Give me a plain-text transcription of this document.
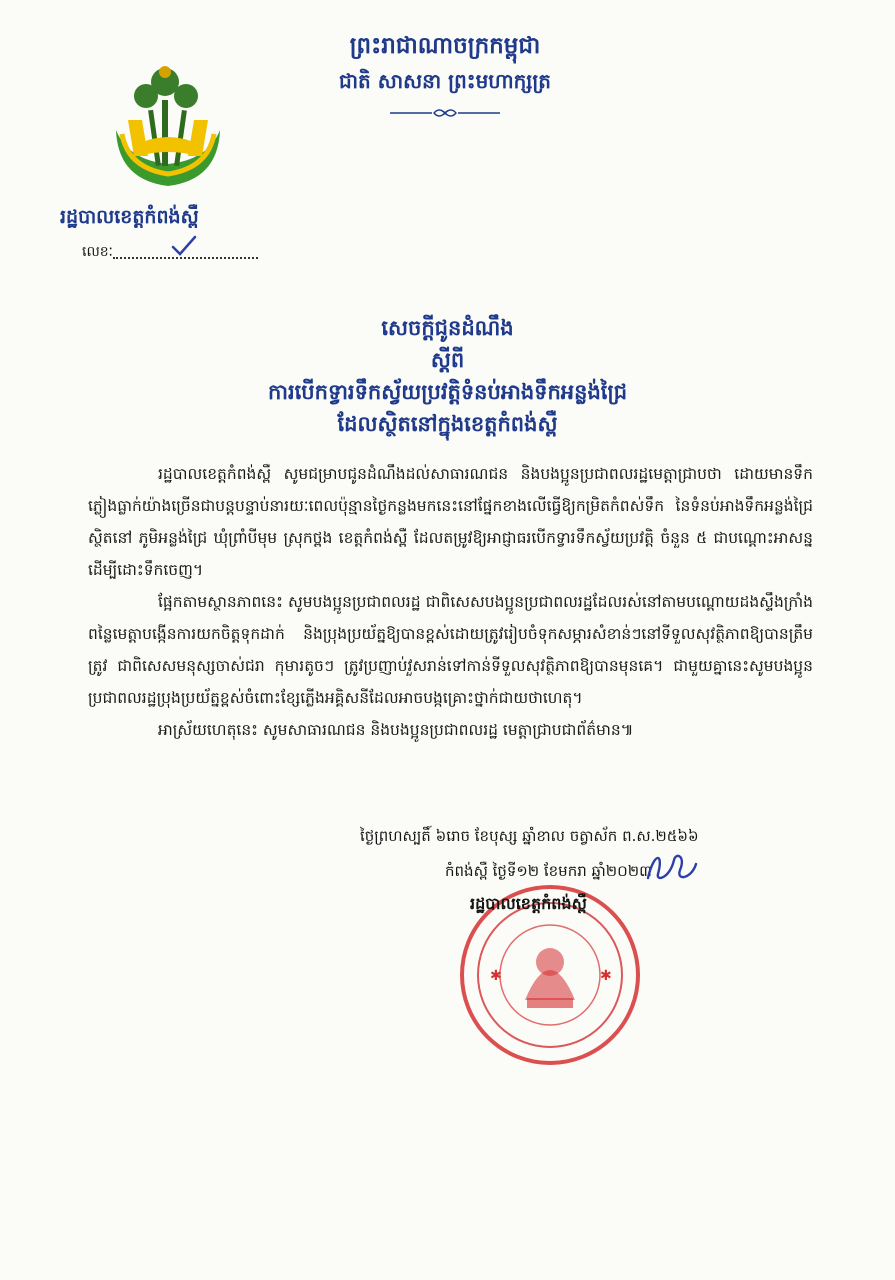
ព្រះរាជាណាចក្រកម្ពុជា
ជាតិ សាសនា ព្រះមហាក្សត្រ
រដ្ឋបាលខេត្តកំពង់ស្ពឺ
លេខៈ
សេចក្តីជូនដំណឹង
ស្តីពី
ការបើកទ្វារទឹកស្វ័យប្រវត្តិទំនប់អាងទឹកអន្លង់ជ្រៃ
ដែលស្ថិតនៅក្នុងខេត្តកំពង់ស្ពឺ

រដ្ឋបាលខេត្តកំពង់ស្ពឺ សូមជម្រាបជូនដំណឹងដល់សាធារណជន និងបងប្អូនប្រជាពលរដ្ឋមេត្តាជ្រាបថា ដោយមានទឹកភ្លៀងធ្លាក់យ៉ាងច្រើនជាបន្តបន្ទាប់នារយៈពេលប៉ុន្មានថ្ងៃកន្លងមកនេះនៅផ្នែកខាងលើធ្វើឱ្យកម្រិតកំពស់ទឹក នៃទំនប់អាងទឹកអន្លង់ជ្រៃស្ថិតនៅ ភូមិអន្លង់ជ្រៃ ឃុំព្រាំបីមុម ស្រុកថ្ពង ខេត្តកំពង់ស្ពឺ ដែលតម្រូវឱ្យអាជ្ញាធរបើកទ្វារទឹកស្វ័យប្រវត្តិ ចំនួន ៥ ជាបណ្តោះអាសន្នដើម្បីដោះទឹកចេញ។

ផ្អែកតាមស្ថានភាពនេះ សូមបងប្អូនប្រជាពលរដ្ឋ ជាពិសេសបងប្អូនប្រជាពលរដ្ឋដែលរស់នៅតាមបណ្តោយដងស្ទឹងក្រាំងពន្លៃមេត្តាបង្កើនការយកចិត្តទុកដាក់ និងប្រុងប្រយ័ត្នឱ្យបានខ្ពស់ដោយត្រូវរៀបចំទុកសម្ភារសំខាន់ៗនៅទីទួលសុវត្ថិភាពឱ្យបានត្រឹមត្រូវ ជាពិសេសមនុស្សចាស់ជរា កុមារតូចៗ ត្រូវប្រញាប់វួសរាន់ទៅកាន់ទីទួលសុវត្ថិភាពឱ្យបានមុនគេ។ ជាមួយគ្នានេះសូមបងប្អូនប្រជាពលរដ្ឋប្រុងប្រយ័ត្នខ្ពស់ចំពោះខ្សែភ្លើងអគ្គិសនីដែលអាចបង្កគ្រោះថ្នាក់ជាយថាហេតុ។

អាស្រ័យហេតុនេះ សូមសាធារណជន និងបងប្អូនប្រជាពលរដ្ឋ មេត្តាជ្រាបជាព័ត៌មាន៕

ថ្ងៃព្រហស្បតិ៍ ៦រោច ខែបុស្ស ឆ្នាំខាល ចត្វាស័ក ព.ស.២៥៦៦
កំពង់ស្ពឺ ថ្ងៃទី១២ ខែមករា ឆ្នាំ២០២៣
✱	✱
រដ្ឋបាលខេត្តកំពង់ស្ពឺ
